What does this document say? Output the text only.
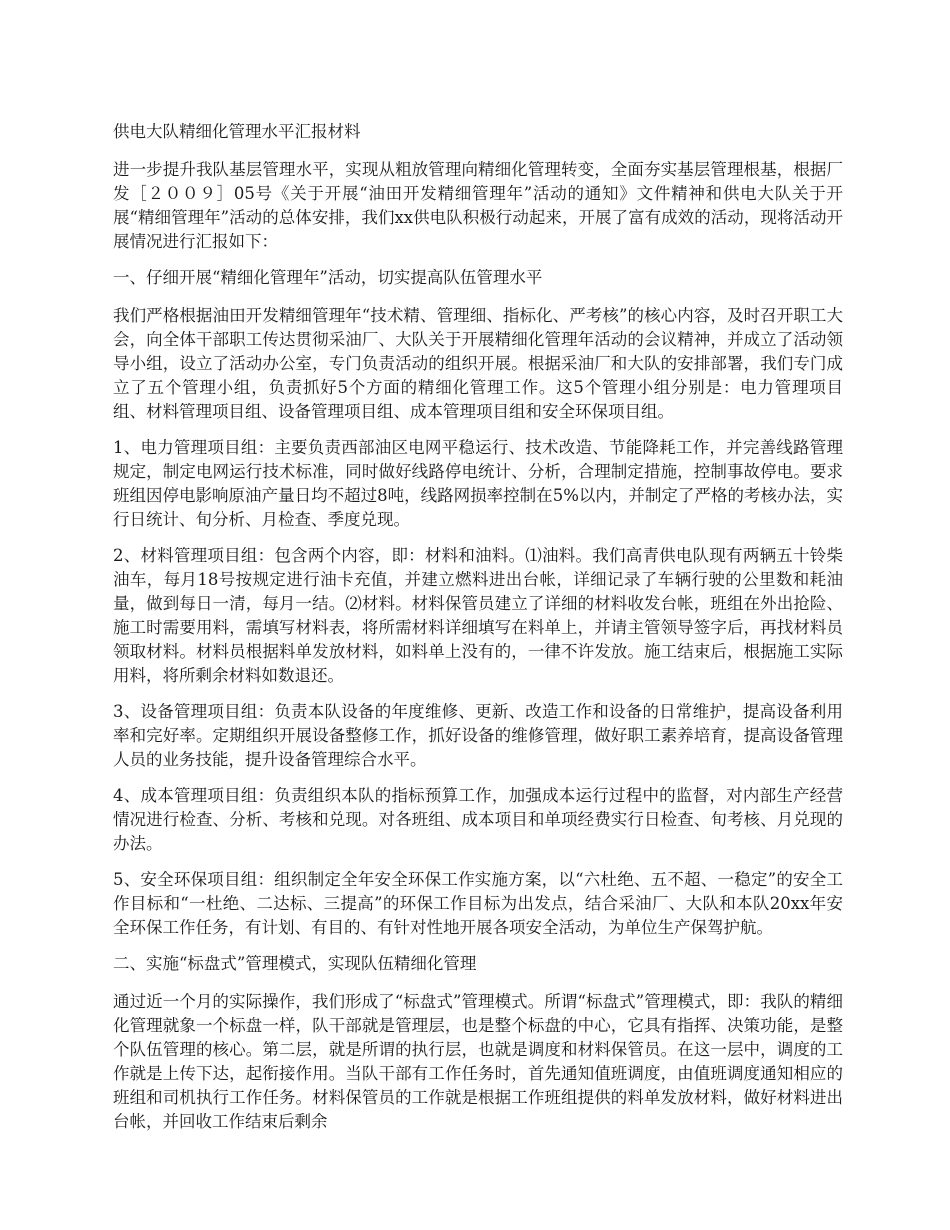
供电大队精细化管理水平汇报材料

进一步提升我队基层管理水平，实现从粗放管理向精细化管理转变，全面夯实基层管理根基，根据厂发［２００９］05号《关于开展“油田开发精细管理年”活动的通知》文件精神和供电大队关于开展“精细管理年”活动的总体安排，我们xx供电队积极行动起来，开展了富有成效的活动，现将活动开展情况进行汇报如下：

一、仔细开展“精细化管理年”活动，切实提高队伍管理水平

我们严格根据油田开发精细管理年“技术精、管理细、指标化、严考核”的核心内容，及时召开职工大会，向全体干部职工传达贯彻采油厂、大队关于开展精细化管理年活动的会议精神，并成立了活动领导小组，设立了活动办公室，专门负责活动的组织开展。根据采油厂和大队的安排部署，我们专门成立了五个管理小组，负责抓好5个方面的精细化管理工作。这5个管理小组分别是：电力管理项目组、材料管理项目组、设备管理项目组、成本管理项目组和安全环保项目组。

1、电力管理项目组：主要负责西部油区电网平稳运行、技术改造、节能降耗工作，并完善线路管理规定，制定电网运行技术标准，同时做好线路停电统计、分析，合理制定措施，控制事故停电。要求班组因停电影响原油产量日均不超过8吨，线路网损率控制在5%以内，并制定了严格的考核办法，实行日统计、旬分析、月检查、季度兑现。

2、材料管理项目组：包含两个内容，即：材料和油料。⑴油料。我们高青供电队现有两辆五十铃柴油车，每月18号按规定进行油卡充值，并建立燃料进出台帐，详细记录了车辆行驶的公里数和耗油量，做到每日一清，每月一结。⑵材料。材料保管员建立了详细的材料收发台帐，班组在外出抢险、施工时需要用料，需填写材料表，将所需材料详细填写在料单上，并请主管领导签字后，再找材料员领取材料。材料员根据料单发放材料，如料单上没有的，一律不许发放。施工结束后，根据施工实际用料，将所剩余材料如数退还。

3、设备管理项目组：负责本队设备的年度维修、更新、改造工作和设备的日常维护，提高设备利用率和完好率。定期组织开展设备整修工作，抓好设备的维修管理，做好职工素养培育，提高设备管理人员的业务技能，提升设备管理综合水平。

4、成本管理项目组：负责组织本队的指标预算工作，加强成本运行过程中的监督，对内部生产经营情况进行检查、分析、考核和兑现。对各班组、成本项目和单项经费实行日检查、旬考核、月兑现的办法。

5、安全环保项目组：组织制定全年安全环保工作实施方案，以“六杜绝、五不超、一稳定”的安全工作目标和“一杜绝、二达标、三提高”的环保工作目标为出发点，结合采油厂、大队和本队20xx年安全环保工作任务，有计划、有目的、有针对性地开展各项安全活动，为单位生产保驾护航。

二、实施“标盘式”管理模式，实现队伍精细化管理

通过近一个月的实际操作，我们形成了“标盘式”管理模式。所谓“标盘式”管理模式，即：我队的精细化管理就象一个标盘一样，队干部就是管理层，也是整个标盘的中心，它具有指挥、决策功能，是整个队伍管理的核心。第二层，就是所谓的执行层，也就是调度和材料保管员。在这一层中，调度的工作就是上传下达，起衔接作用。当队干部有工作任务时，首先通知值班调度，由值班调度通知相应的班组和司机执行工作任务。材料保管员的工作就是根据工作班组提供的料单发放材料，做好材料进出台帐，并回收工作结束后剩余
